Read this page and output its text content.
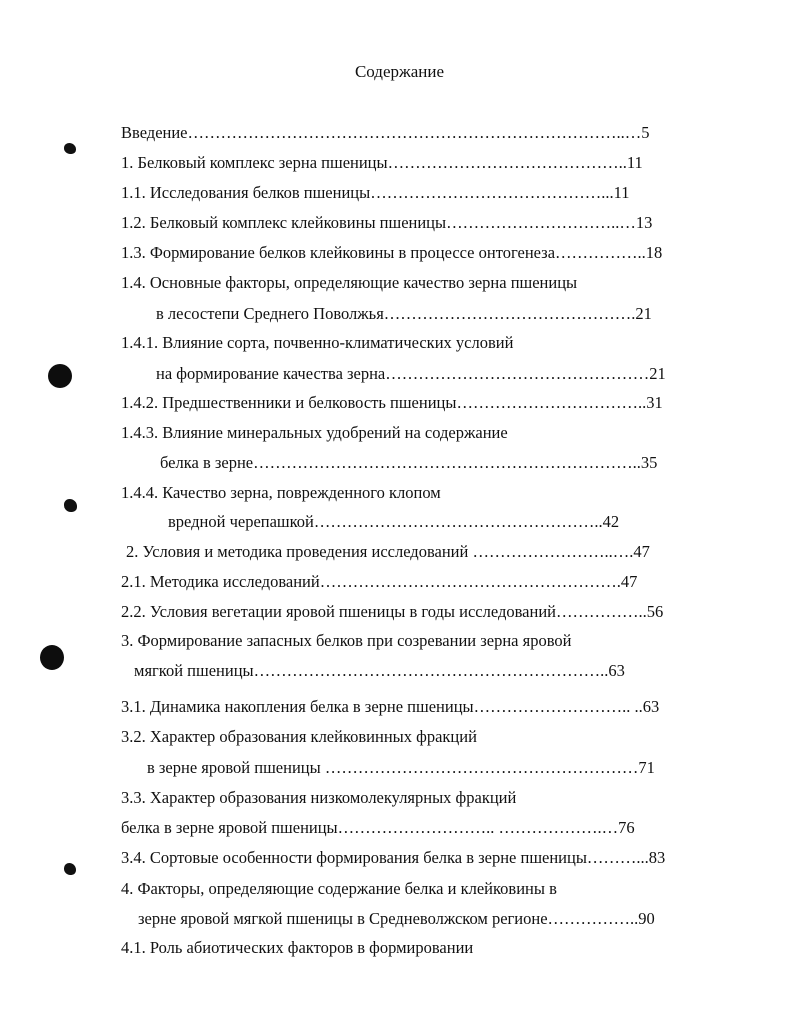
Содержание
Введение……………………………………………………………………..…5
1. Белковый комплекс зерна пшеницы……………………………………..11
1.1. Исследования белков пшеницы……………………………………...11
1.2. Белковый комплекс клейковины пшеницы…………………………..…13
1.3. Формирование белков клейковины в процессе онтогенеза……………..18
1.4. Основные факторы, определяющие качество зерна пшеницы
в лесостепи Среднего Поволжья……………………………………….21
1.4.1. Влияние сорта, почвенно-климатических условий
на формирование качества зерна…………………………………………21
1.4.2. Предшественники и белковость пшеницы……………………………..31
1.4.3. Влияние минеральных удобрений на содержание
белка в зерне……………………………………………………………..35
1.4.4. Качество зерна, поврежденного клопом
вредной черепашкой……………………………………………..42
2. Условия и методика проведения исследований ……………………..….47
2.1. Методика исследований……………………………………………….47
2.2. Условия вегетации яровой пшеницы в годы исследований……………..56
3. Формирование запасных белков при созревании зерна яровой
мягкой пшеницы………………………………………………………..63
3.1. Динамика накопления белка в зерне пшеницы……………………….. ..63
3.2. Характер образования клейковинных фракций
в зерне яровой пшеницы …………………………………………………71
3.3. Характер образования низкомолекулярных фракций
белка в зерне яровой пшеницы……………………….. ……………….…76
3.4. Сортовые особенности формирования белка в зерне пшеницы………...83
4. Факторы, определяющие содержание белка и клейковины в
зерне яровой мягкой пшеницы в Средневолжском регионе……………..90
4.1. Роль абиотических факторов в формировании
